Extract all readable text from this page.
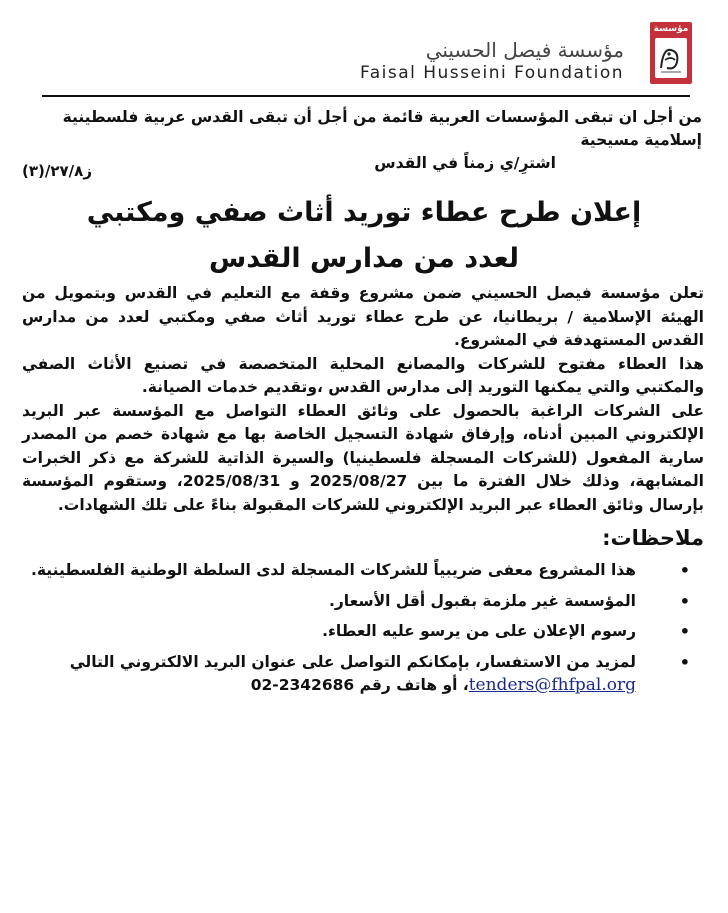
مؤسسة
مؤسسة فيصل الحسيني
Faisal Husseini Foundation
من أجل ان تبقى المؤسسات العربية قائمة من أجل أن تبقى القدس عربية فلسطينية
إسلامية مسيحية
اشترِ/ي زمناً في القدس
ز٢٧/٨/(٣)
إعلان طرح عطاء توريد أثاث صفي ومكتبي
لعدد من مدارس القدس
تعلن مؤسسة فيصل الحسيني ضمن مشروع وقفة مع التعليم في القدس وبتمويل من الهيئة الإسلامية / بريطانيا، عن طرح عطاء توريد أثاث صفي ومكتبي لعدد من مدارس القدس المستهدفة في المشروع.
هذا العطاء مفتوح للشركات والمصانع المحلية المتخصصة في تصنيع الأثاث الصفي والمكتبي والتي يمكنها التوريد إلى مدارس القدس ،وتقديم خدمات الصيانة.
على الشركات الراغبة بالحصول على وثائق العطاء التواصل مع المؤسسة عبر البريد الإلكتروني المبين أدناه، وإرفاق شهادة التسجيل الخاصة بها مع شهادة خصم من المصدر سارية المفعول (للشركات المسجلة فلسطينيا) والسيرة الذاتية للشركة مع ذكر الخبرات المشابهة، وذلك خلال الفترة ما بين 2025/08/27 و 2025/08/31، وستقوم المؤسسة بإرسال وثائق العطاء عبر البريد الإلكتروني للشركات المقبولة بناءً على تلك الشهادات.
ملاحظات:
•
هذا المشروع معفى ضريبياً للشركات المسجلة لدى السلطة الوطنية الفلسطينية.
•
المؤسسة غير ملزمة بقبول أقل الأسعار.
•
رسوم الإعلان على من يرسو عليه العطاء.
•
لمزيد من الاستفسار، بإمكانكم التواصل على عنوان البريد الالكتروني التالي
tenders@fhfpal.org، أو هاتف رقم 02-2342686
